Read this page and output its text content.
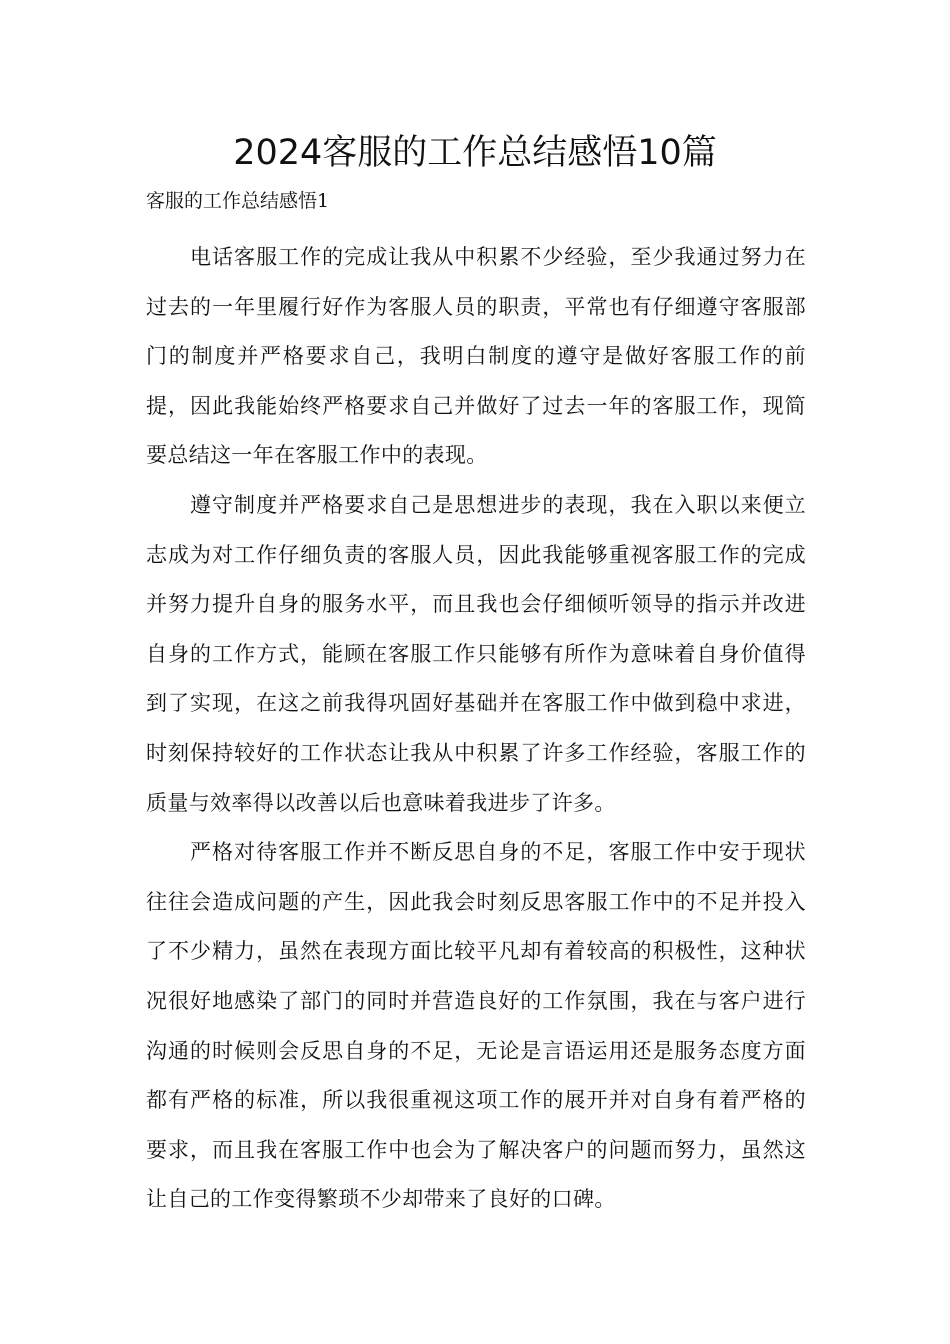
2024客服的工作总结感悟10篇

客服的工作总结感悟1

电话客服工作的完成让我从中积累不少经验，至少我通过努力在过去的一年里履行好作为客服人员的职责，平常也有仔细遵守客服部门的制度并严格要求自己，我明白制度的遵守是做好客服工作的前提，因此我能始终严格要求自己并做好了过去一年的客服工作，现简要总结这一年在客服工作中的表现。

遵守制度并严格要求自己是思想进步的表现，我在入职以来便立志成为对工作仔细负责的客服人员，因此我能够重视客服工作的完成并努力提升自身的服务水平，而且我也会仔细倾听领导的指示并改进自身的工作方式，能顾在客服工作只能够有所作为意味着自身价值得到了实现，在这之前我得巩固好基础并在客服工作中做到稳中求进，时刻保持较好的工作状态让我从中积累了许多工作经验，客服工作的质量与效率得以改善以后也意味着我进步了许多。

严格对待客服工作并不断反思自身的不足，客服工作中安于现状往往会造成问题的产生，因此我会时刻反思客服工作中的不足并投入了不少精力，虽然在表现方面比较平凡却有着较高的积极性，这种状况很好地感染了部门的同时并营造良好的工作氛围，我在与客户进行沟通的时候则会反思自身的不足，无论是言语运用还是服务态度方面都有严格的标准，所以我很重视这项工作的展开并对自身有着严格的要求，而且我在客服工作中也会为了解决客户的问题而努力，虽然这让自己的工作变得繁琐不少却带来了良好的口碑。
